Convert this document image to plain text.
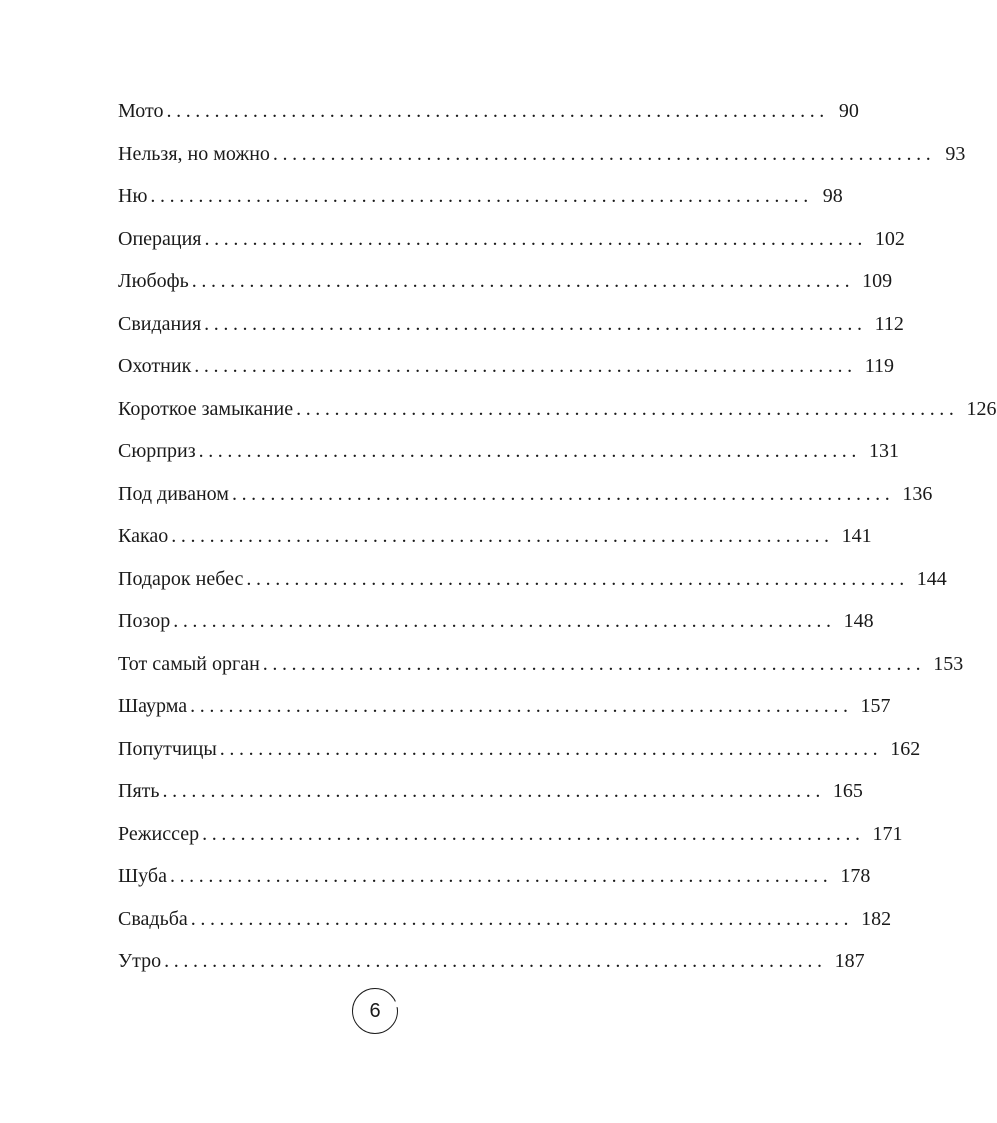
Мото ..................................................................... 90
Нельзя, но можно ..................................................................... 93
Ню ..................................................................... 98
Операция ..................................................................... 102
Любофь ..................................................................... 109
Свидания ..................................................................... 112
Охотник ..................................................................... 119
Короткое замыкание ..................................................................... 126
Сюрприз ..................................................................... 131
Под диваном ..................................................................... 136
Какао ..................................................................... 141
Подарок небес ..................................................................... 144
Позор ..................................................................... 148
Тот самый орган ..................................................................... 153
Шаурма ..................................................................... 157
Попутчицы ..................................................................... 162
Пять ..................................................................... 165
Режиссер ..................................................................... 171
Шуба ..................................................................... 178
Свадьба ..................................................................... 182
Утро ..................................................................... 187
6
